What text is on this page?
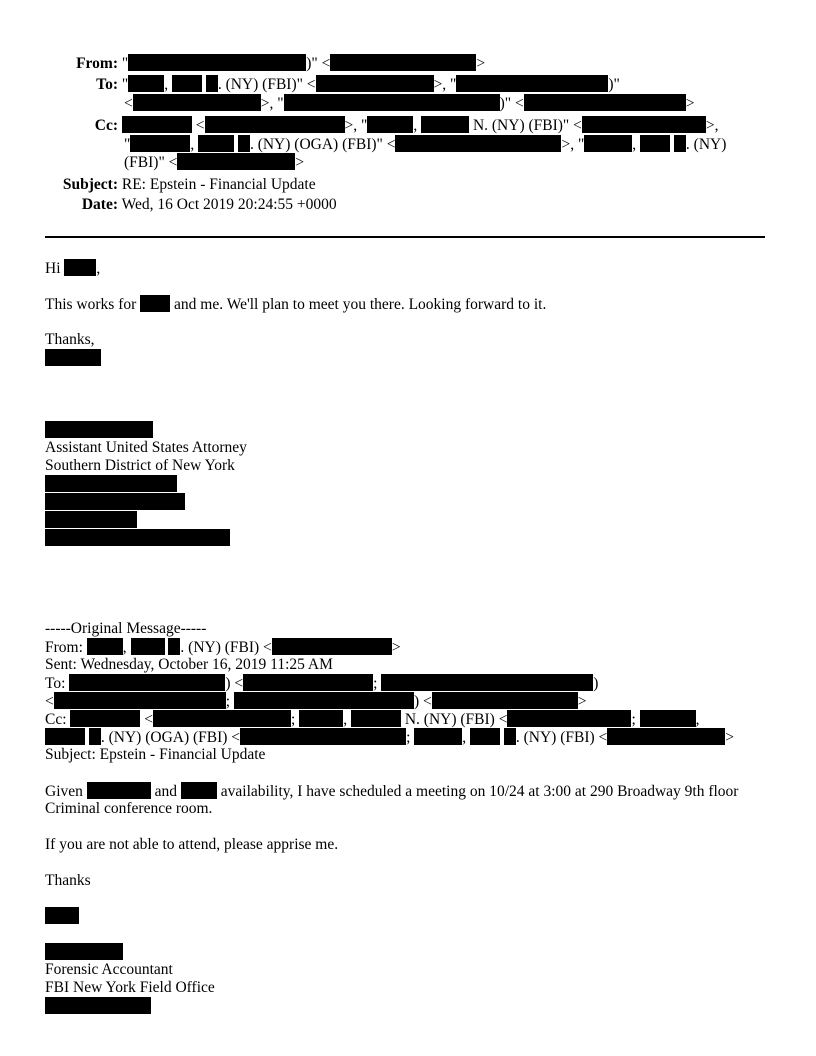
From: "	)" <	>
To: " ,	. (NY) (FBI)" <	>, "	)"
<	>, "	)" <	>
Cc:	<	>, "	,	N. (NY) (FBI)" <	>,
"	,	. (NY) (OGA) (FBI)" <	>, "	,	. (NY)
(FBI)" <	>
Subject: RE: Epstein - Financial Update
Date: Wed, 16 Oct 2019 20:24:55 +0000
Hi ,
This works for and me. We'll plan to meet you there. Looking forward to it.
Thanks,
Assistant United States Attorney
Southern District of New York
-----Original Message-----
From:	,	. (NY) (FBI) <	>
Sent: Wednesday, October 16, 2019 11:25 AM
To:	) <	;	)
<	;	) <	>
Cc:	<	;	,	N. (NY) (FBI) <	;	,
. (NY) (OGA) (FBI) <	;	,	. (NY) (FBI) <	>
Subject: Epstein - Financial Update
Given	and	availability, I have scheduled a meeting on 10/24 at 3:00 at 290 Broadway 9th floor
Criminal conference room.
If you are not able to attend, please apprise me.
Thanks
Forensic Accountant
FBI New York Field Office
